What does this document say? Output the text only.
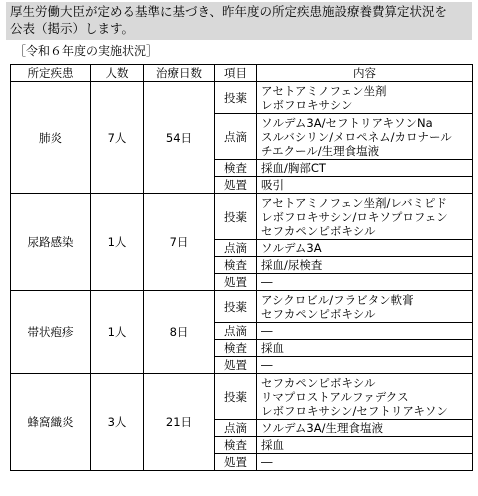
厚生労働大臣が定める基準に基づき、昨年度の所定疾患施設療養費算定状況を
公表（掲示）します。
［令和６年度の実施状況］
所定疾患	人数	治療日数	項目	内容
肺炎	7人	54日	投薬	アセトアミノフェン坐剤
レボフロキサシン

			点滴	ソルデム3A/セフトリアキソンNa
スルバシリン/メロペネム/カロナール
チエクール/生理食塩液

			検査	採血/胸部CT

			処置	吸引

尿路感染	1人	7日	投薬	アセトアミノフェン坐剤/レバミピド
レボフロキサシン/ロキソプロフェン
セフカペンピボキシル

			点滴	ソルデム3A

			検査	採血/尿検査

			処置	―

帯状疱疹	1人	8日	投薬	アシクロビル/フラビタン軟膏
セフカペンピボキシル

			点滴	―

			検査	採血

			処置	―

蜂窩織炎	3人	21日	投薬	セフカペンピボキシル
リマプロストアルファデクス
レボフロキサシン/セフトリアキソン

			点滴	ソルデム3A/生理食塩液

			検査	採血

			処置	―
